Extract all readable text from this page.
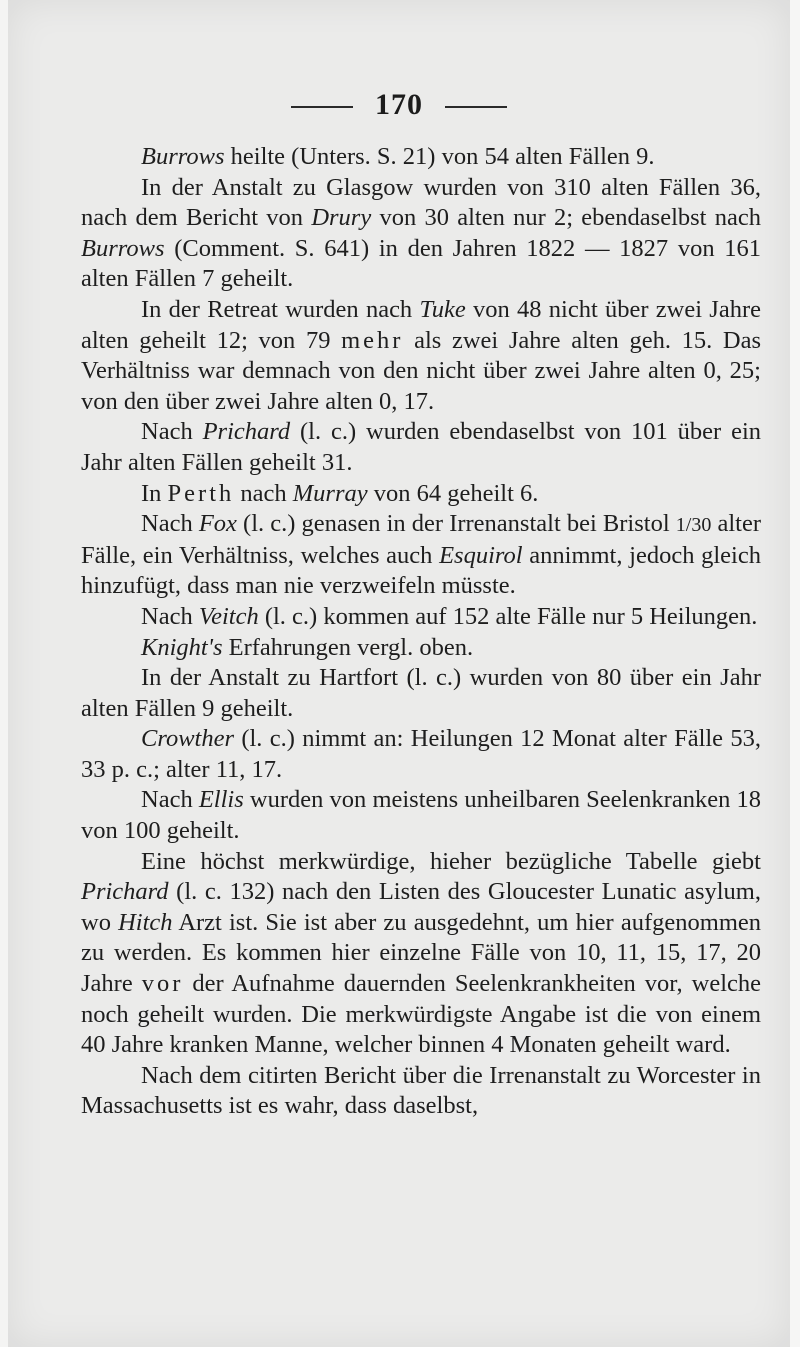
170

Burrows heilte (Unters. S. 21) von 54 alten Fällen 9.

In der Anstalt zu Glasgow wurden von 310 alten Fällen 36, nach dem Bericht von Drury von 30 alten nur 2; ebendaselbst nach Burrows (Comment. S. 641) in den Jahren 1822 — 1827 von 161 alten Fällen 7 geheilt.

In der Retreat wurden nach Tuke von 48 nicht über zwei Jahre alten geheilt 12; von 79 mehr als zwei Jahre alten geh. 15. Das Verhältniss war demnach von den nicht über zwei Jahre alten 0, 25; von den über zwei Jahre alten 0, 17.

Nach Prichard (l. c.) wurden ebendaselbst von 101 über ein Jahr alten Fällen geheilt 31.

In Perth nach Murray von 64 geheilt 6.

Nach Fox (l. c.) genasen in der Irrenanstalt bei Bristol 1/30 alter Fälle, ein Verhältniss, welches auch Esquirol annimmt, jedoch gleich hinzufügt, dass man nie verzweifeln müsste.

Nach Veitch (l. c.) kommen auf 152 alte Fälle nur 5 Heilungen.

Knight's Erfahrungen vergl. oben.

In der Anstalt zu Hartfort (l. c.) wurden von 80 über ein Jahr alten Fällen 9 geheilt.

Crowther (l. c.) nimmt an: Heilungen 12 Monat alter Fälle 53, 33 p. c.; alter 11, 17.

Nach Ellis wurden von meistens unheilbaren Seelenkranken 18 von 100 geheilt.

Eine höchst merkwürdige, hieher bezügliche Tabelle giebt Prichard (l. c. 132) nach den Listen des Gloucester Lunatic asylum, wo Hitch Arzt ist. Sie ist aber zu ausgedehnt, um hier aufgenommen zu werden. Es kommen hier einzelne Fälle von 10, 11, 15, 17, 20 Jahre vor der Aufnahme dauernden Seelenkrankheiten vor, welche noch geheilt wurden. Die merkwürdigste Angabe ist die von einem 40 Jahre kranken Manne, welcher binnen 4 Monaten geheilt ward.

Nach dem citirten Bericht über die Irrenanstalt zu Worcester in Massachusetts ist es wahr, dass daselbst,
